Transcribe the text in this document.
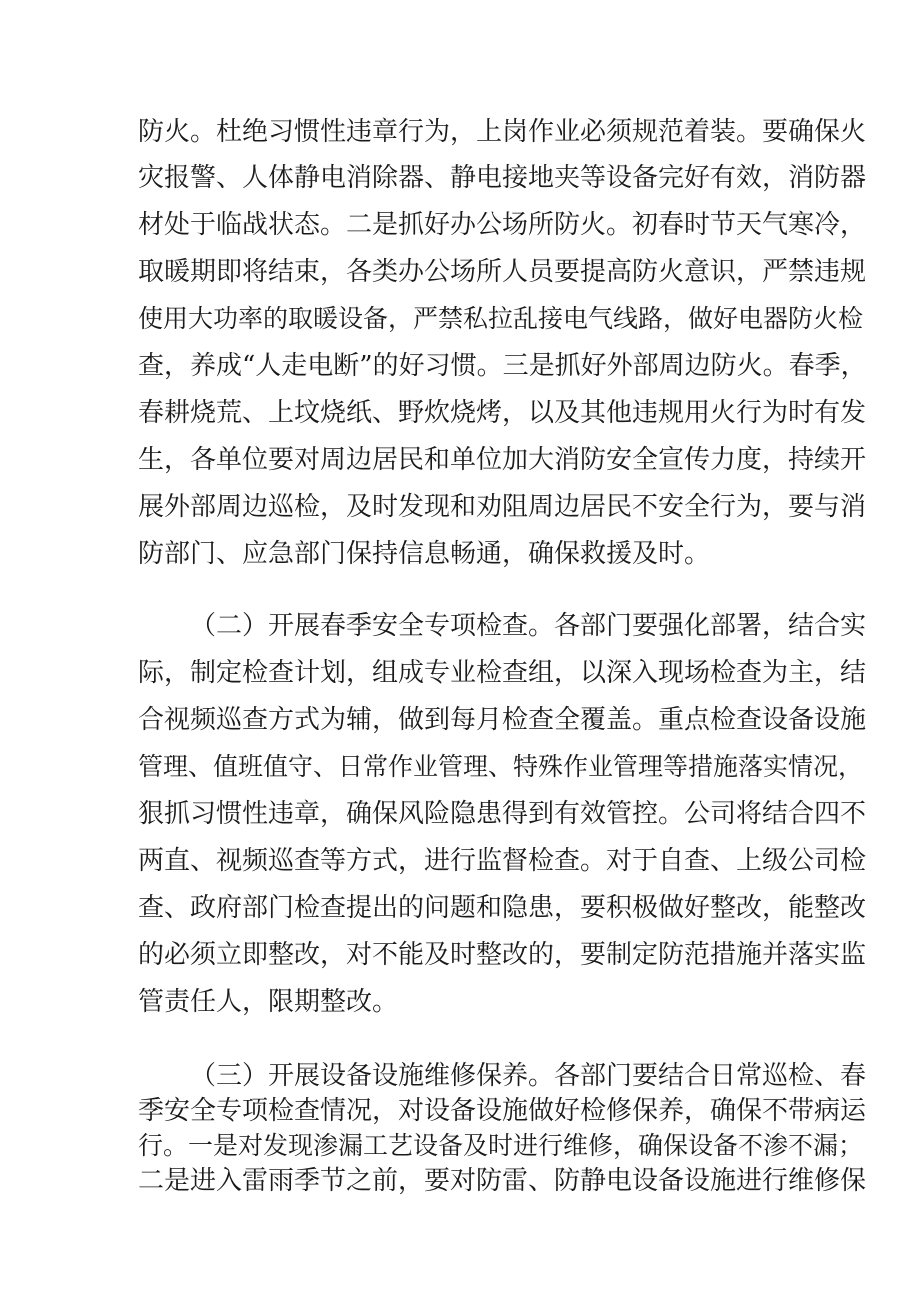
防火。杜绝习惯性违章行为，上岗作业必须规范着装。要确保火
灾报警、人体静电消除器、静电接地夹等设备完好有效，消防器
材处于临战状态。二是抓好办公场所防火。初春时节天气寒冷，
取暖期即将结束，各类办公场所人员要提高防火意识，严禁违规
使用大功率的取暖设备，严禁私拉乱接电气线路，做好电器防火检
查，养成“人走电断”的好习惯。三是抓好外部周边防火。春季，
春耕烧荒、上坟烧纸、野炊烧烤，以及其他违规用火行为时有发
生，各单位要对周边居民和单位加大消防安全宣传力度，持续开
展外部周边巡检，及时发现和劝阻周边居民不安全行为，要与消
防部门、应急部门保持信息畅通，确保救援及时。
（二）开展春季安全专项检查。各部门要强化部署，结合实
际，制定检查计划，组成专业检查组，以深入现场检查为主，结
合视频巡查方式为辅，做到每月检查全覆盖。重点检查设备设施
管理、值班值守、日常作业管理、特殊作业管理等措施落实情况，
狠抓习惯性违章，确保风险隐患得到有效管控。公司将结合四不
两直、视频巡查等方式，进行监督检查。对于自查、上级公司检
查、政府部门检查提出的问题和隐患，要积极做好整改，能整改
的必须立即整改，对不能及时整改的，要制定防范措施并落实监
管责任人，限期整改。
（三）开展设备设施维修保养。各部门要结合日常巡检、春
季安全专项检查情况，对设备设施做好检修保养，确保不带病运
行。一是对发现渗漏工艺设备及时进行维修，确保设备不渗不漏；
二是进入雷雨季节之前，要对防雷、防静电设备设施进行维修保
